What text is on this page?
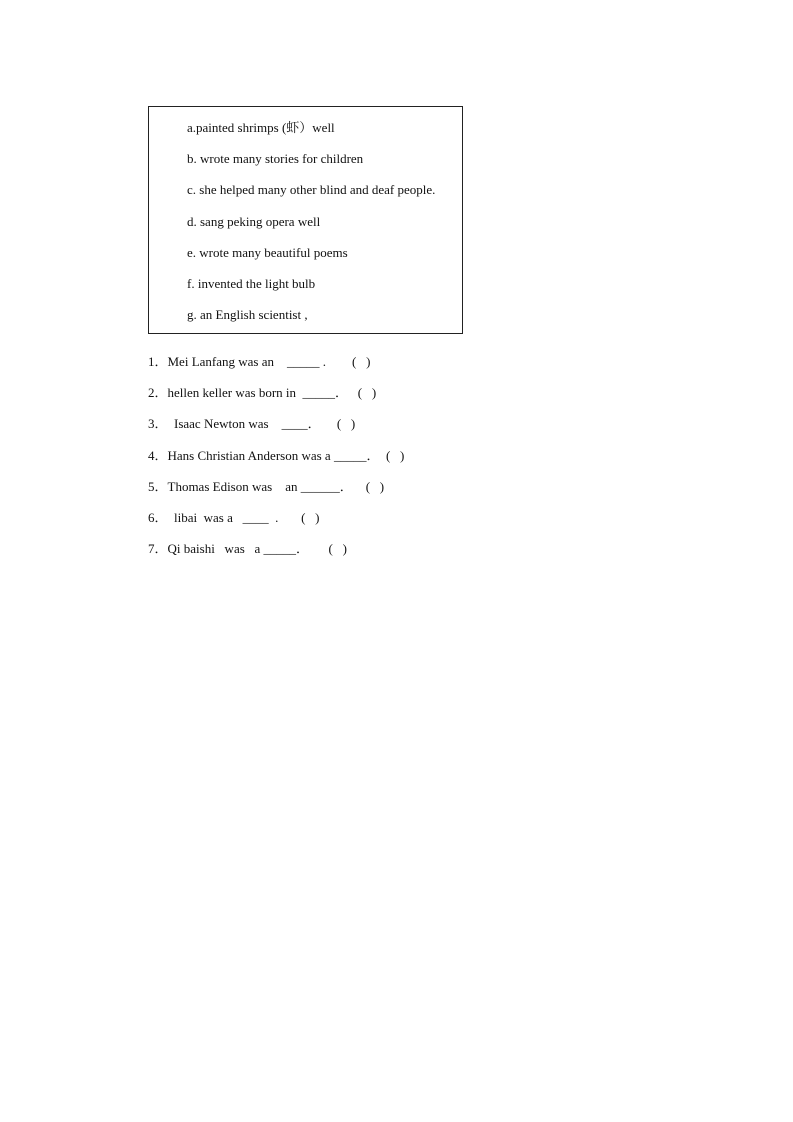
a.painted shrimps (虾）well
b. wrote many stories for children
c. she helped many other blind and deaf people.
d. sang peking opera well
e. wrote many beautiful poems
f. invented the light bulb
g. an English scientist ,
1．Mei Lanfang was an    _____ .        (   )
2．hellen keller was born in  _____．   (   )
3．  Isaac Newton was    ____．     (   )
4．Hans Christian Anderson was a _____．  (   )
5．Thomas Edison was    an ______．    (   )
6．  libai  was a   ____  .       (   )
7．Qi baishi   was   a _____．      (   )
